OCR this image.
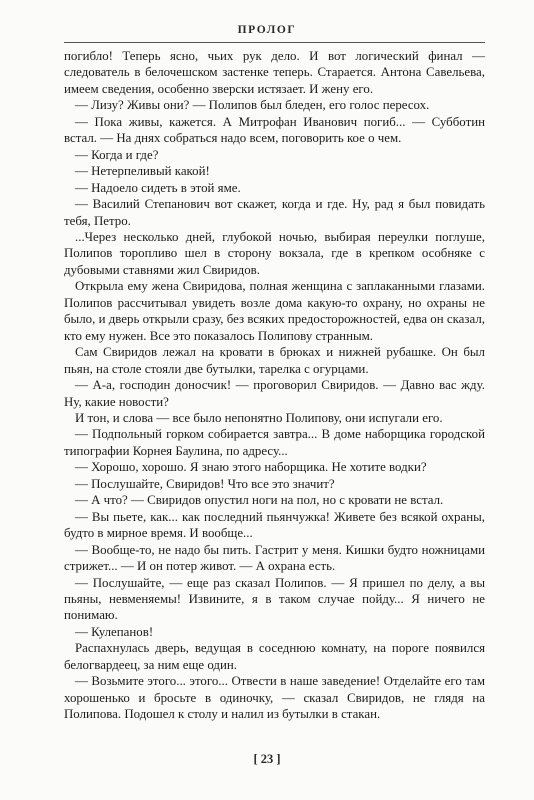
ПРОЛОГ

погибло! Теперь ясно, чьих рук дело. И вот логический финал — следователь в белочешском застенке теперь. Старается. Антона Савельева, имеем сведения, особенно зверски истязает. И жену его.

— Лизу? Живы они? — Полипов был бледен, его голос пересох.

— Пока живы, кажется. А Митрофан Иванович погиб... — Субботин встал. — На днях собраться надо всем, поговорить кое о чем.

— Когда и где?

— Нетерпеливый какой!

— Надоело сидеть в этой яме.

— Василий Степанович вот скажет, когда и где. Ну, рад я был повидать тебя, Петро.

...Через несколько дней, глубокой ночью, выбирая переулки поглуше, Полипов торопливо шел в сторону вокзала, где в крепком особняке с дубовыми ставнями жил Свиридов.

Открыла ему жена Свиридова, полная женщина с заплаканными глазами. Полипов рассчитывал увидеть возле дома какую-то охрану, но охраны не было, и дверь открыли сразу, без всяких предосторожностей, едва он сказал, кто ему нужен. Все это показалось Полипову странным.

Сам Свиридов лежал на кровати в брюках и нижней рубашке. Он был пьян, на столе стояли две бутылки, тарелка с огурцами.

— А-а, господин доносчик! — проговорил Свиридов. — Давно вас жду. Ну, какие новости?

И тон, и слова — все было непонятно Полипову, они испугали его.

— Подпольный горком собирается завтра... В доме наборщика городской типографии Корнея Баулина, по адресу...

— Хорошо, хорошо. Я знаю этого наборщика. Не хотите водки?

— Послушайте, Свиридов! Что все это значит?

— А что? — Свиридов опустил ноги на пол, но с кровати не встал.

— Вы пьете, как... как последний пьянчужка! Живете без всякой охраны, будто в мирное время. И вообще...

— Вообще-то, не надо бы пить. Гастрит у меня. Кишки будто ножницами стрижет... — И он потер живот. — А охрана есть.

— Послушайте, — еще раз сказал Полипов. — Я пришел по делу, а вы пьяны, невменяемы! Извините, я в таком случае пойду... Я ничего не понимаю.

— Кулепанов!

Распахнулась дверь, ведущая в соседнюю комнату, на пороге появился белогвардеец, за ним еще один.

— Возьмите этого... этого... Отвести в наше заведение! Отделайте его там хорошенько и бросьте в одиночку, — сказал Свиридов, не глядя на Полипова. Подошел к столу и налил из бутылки в стакан.

[ 23 ]
